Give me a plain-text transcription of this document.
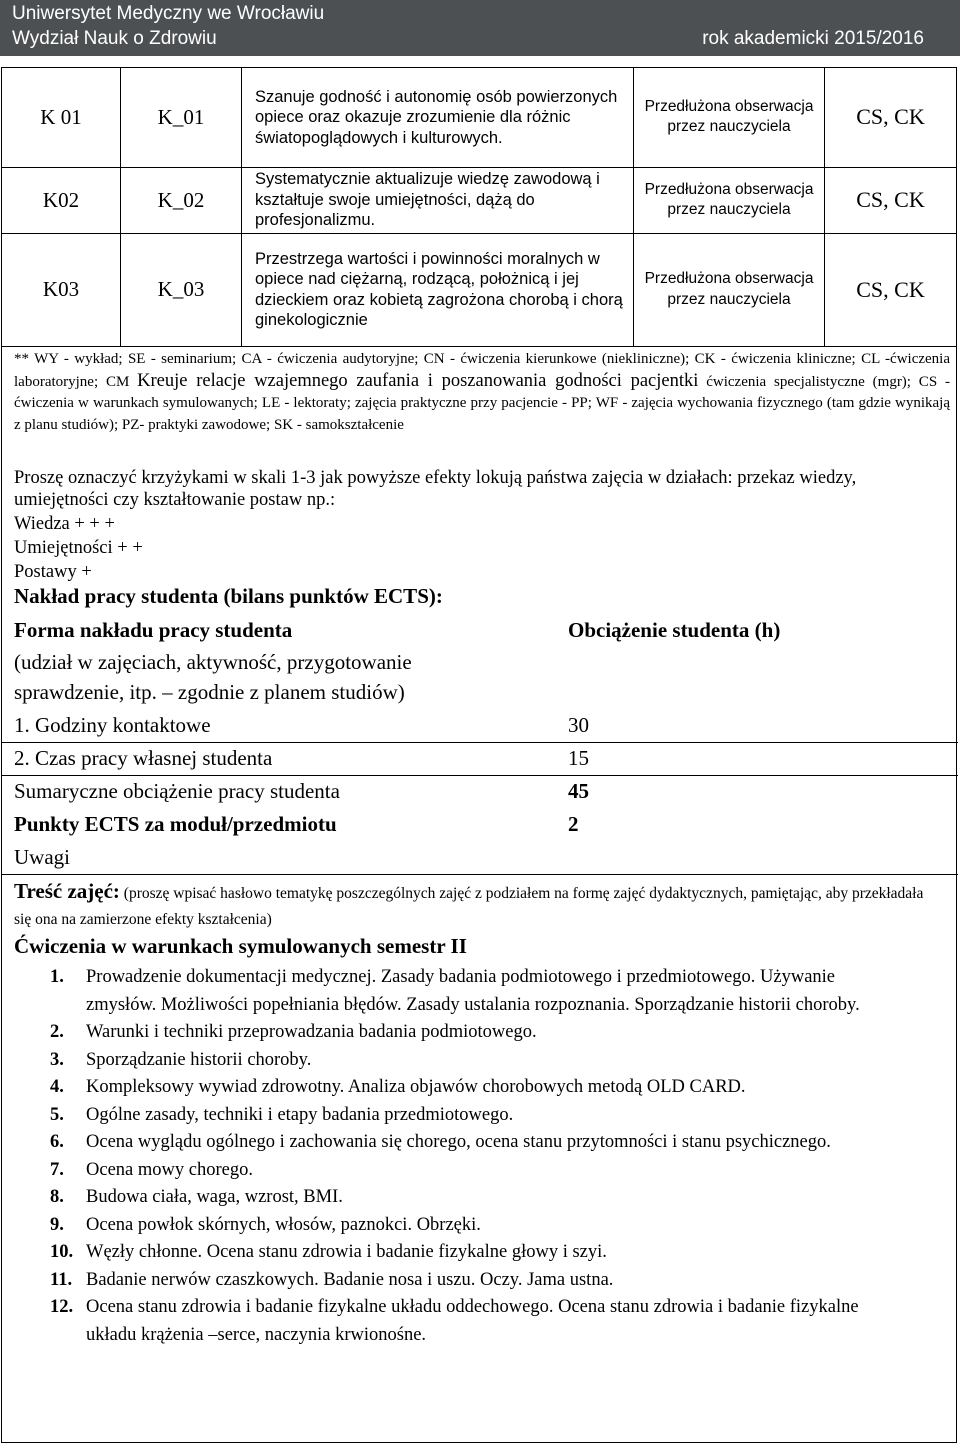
Uniwersytet Medyczny we Wrocławiu
Wydział Nauk o Zdrowiu	rok akademicki 2015/2016
K 01	K_01	Szanuje godność i autonomię osób powierzonych opiece oraz okazuje zrozumienie dla różnic światopoglądowych i kulturowych.	Przedłużona obserwacja przez nauczyciela	CS, CK
K02	K_02	Systematycznie aktualizuje wiedzę zawodową i kształtuje swoje umiejętności, dążą do profesjonalizmu.	Przedłużona obserwacja przez nauczyciela	CS, CK
K03	K_03	Przestrzega wartości i powinności moralnych w opiece nad ciężarną, rodzącą, położnicą i jej dzieckiem oraz kobietą zagrożona chorobą i chorą ginekologicznie	Przedłużona obserwacja przez nauczyciela	CS, CK
** WY - wykład; SE - seminarium; CA - ćwiczenia audytoryjne; CN - ćwiczenia kierunkowe (niekliniczne); CK - ćwiczenia kliniczne; CL -ćwiczenia laboratoryjne; CM Kreuje relacje wzajemnego zaufania i poszanowania godności pacjentki ćwiczenia specjalistyczne (mgr); CS - ćwiczenia w warunkach symulowanych; LE - lektoraty; zajęcia praktyczne przy pacjencie - PP; WF - zajęcia wychowania fizycznego (tam gdzie wynikają z planu studiów); PZ- praktyki zawodowe; SK - samokształcenie
Proszę oznaczyć krzyżykami w skali 1-3 jak powyższe efekty lokują państwa zajęcia w działach: przekaz wiedzy, umiejętności czy kształtowanie postaw np.:
Wiedza + + +
Umiejętności + +
Postawy +
Nakład pracy studenta (bilans punktów ECTS):
Forma nakładu pracy studenta	Obciążenie studenta (h)
(udział w zajęciach, aktywność, przygotowanie
sprawdzenie, itp. – zgodnie z planem studiów)
1. Godziny kontaktowe	30
2. Czas pracy własnej studenta	15
Sumaryczne obciążenie pracy studenta	45
Punkty ECTS za moduł/przedmiotu	2
Uwagi
Treść zajęć: (proszę wpisać hasłowo tematykę poszczególnych zajęć z podziałem na formę zajęć dydaktycznych, pamiętając, aby przekładała się ona na zamierzone efekty kształcenia)
Ćwiczenia w warunkach symulowanych semestr II
1. Prowadzenie dokumentacji medycznej. Zasady badania podmiotowego i przedmiotowego. Używanie zmysłów. Możliwości popełniania błędów. Zasady ustalania rozpoznania. Sporządzanie historii choroby.
2. Warunki i techniki przeprowadzania badania podmiotowego.
3. Sporządzanie historii choroby.
4. Kompleksowy wywiad zdrowotny. Analiza objawów chorobowych metodą OLD CARD.
5. Ogólne zasady, techniki i etapy badania przedmiotowego.
6. Ocena wyglądu ogólnego i zachowania się chorego, ocena stanu przytomności i stanu psychicznego.
7. Ocena mowy chorego.
8. Budowa ciała, waga, wzrost, BMI.
9. Ocena powłok skórnych, włosów, paznokci. Obrzęki.
10. Węzły chłonne. Ocena stanu zdrowia i badanie fizykalne głowy i szyi.
11. Badanie nerwów czaszkowych. Badanie nosa i uszu. Oczy. Jama ustna.
12. Ocena stanu zdrowia i badanie fizykalne układu oddechowego. Ocena stanu zdrowia i badanie fizykalne układu krążenia –serce, naczynia krwionośne.
